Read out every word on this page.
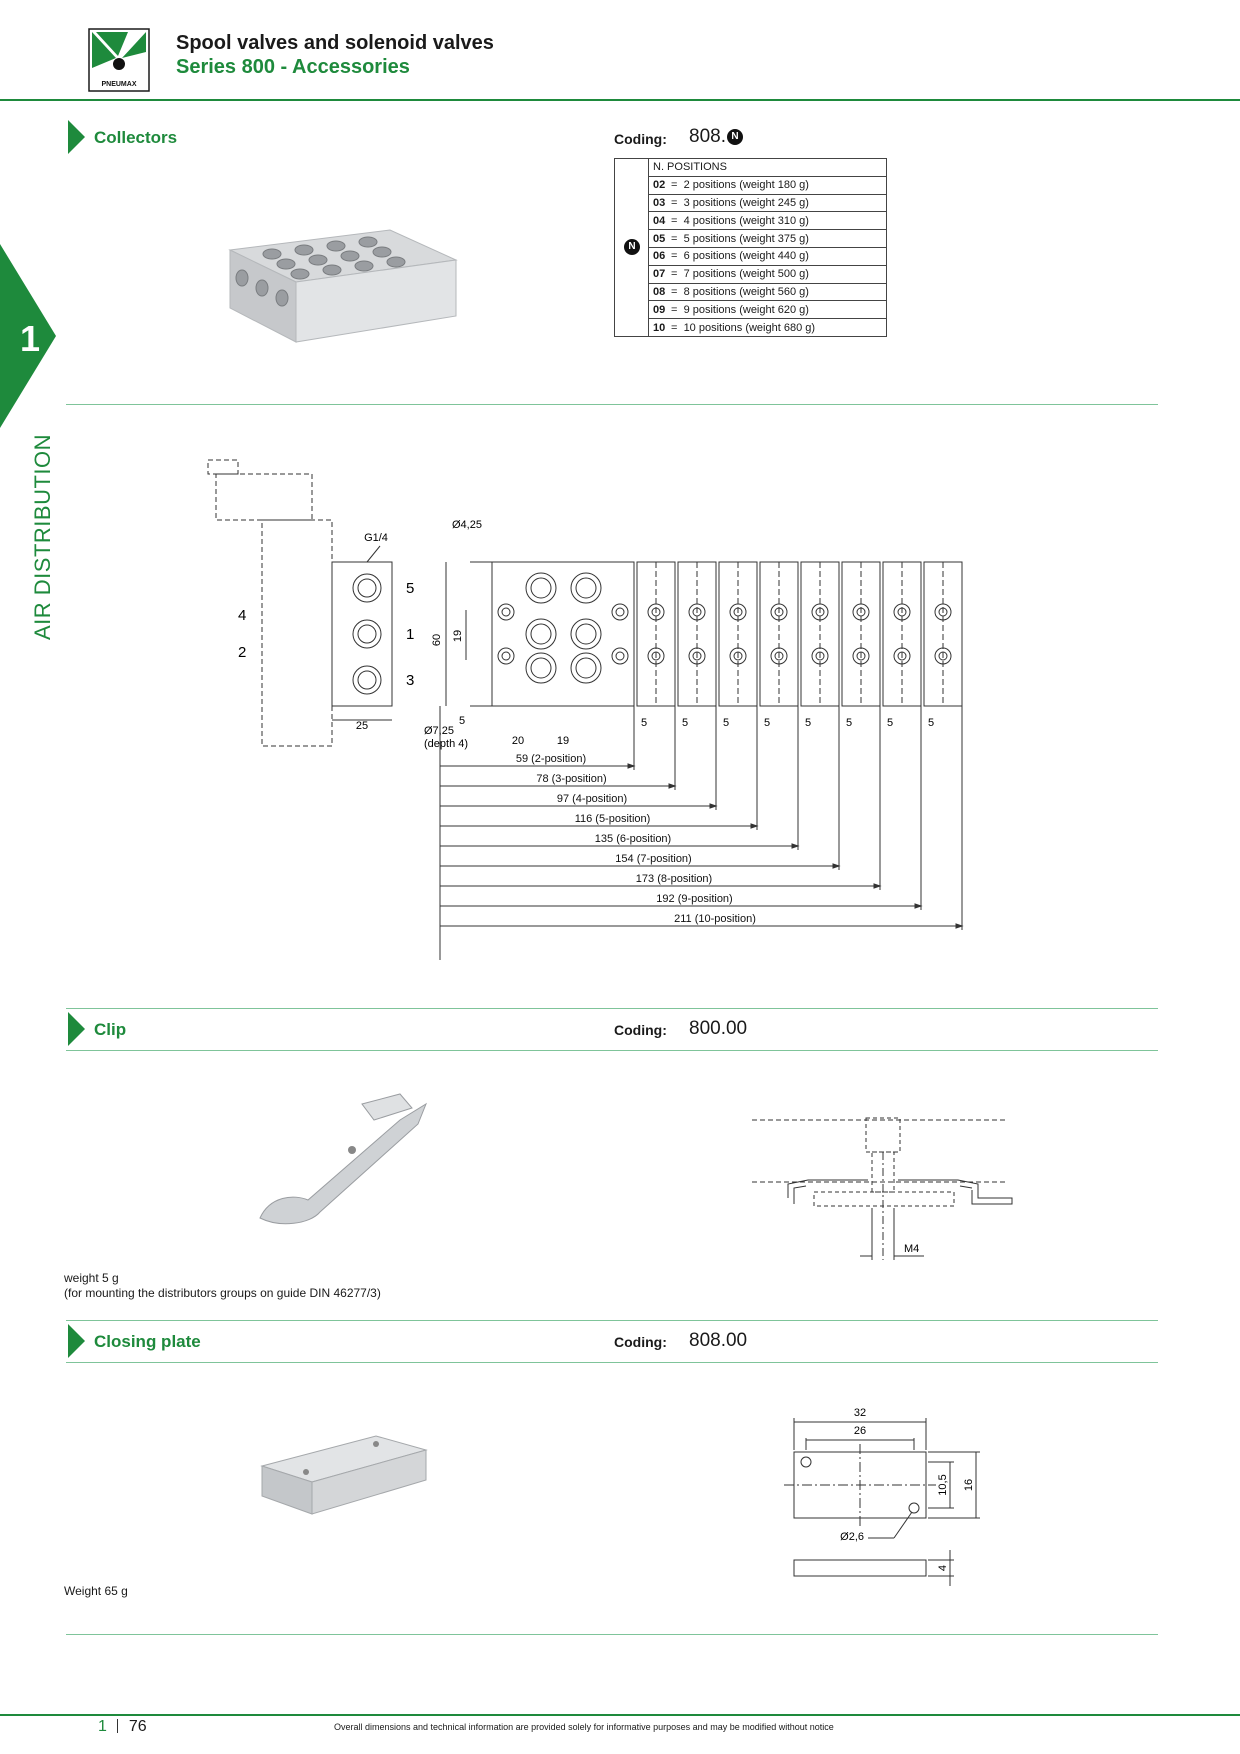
PNEUMAX
Spool valves and solenoid valves
Series 800 - Accessories
1
AIR DISTRIBUTION
Collectors	Coding: 808. N
N	N. POSITIONS
02 = 2 positions (weight 180 g)
03 = 3 positions (weight 245 g)
04 = 4 positions (weight 310 g)
05 = 5 positions (weight 375 g)
06 = 6 positions (weight 440 g)
07 = 7 positions (weight 500 g)
08 = 8 positions (weight 560 g)
09 = 9 positions (weight 620 g)
10 = 10 positions (weight 680 g)
G1/4
5
1
3
4
2
25
Ø4,25
Ø7,25
(depth 4)
60 19
20	19
5	5	5	5	5	5	5	5
5
59 (2-position)
78 (3-position)
97 (4-position)
116 (5-position)
135 (6-position)
154 (7-position)
173 (8-position)
192 (9-position)
211 (10-position)
Clip	Coding: 800.00
weight 5 g
(for mounting the distributors groups on guide DIN 46277/3)
M4
Closing plate	Coding: 808.00
Weight 65 g
32
26
10,5 16
Ø2,6
4
1 76	Overall dimensions and technical information are provided solely for informative purposes and may be modified without notice
